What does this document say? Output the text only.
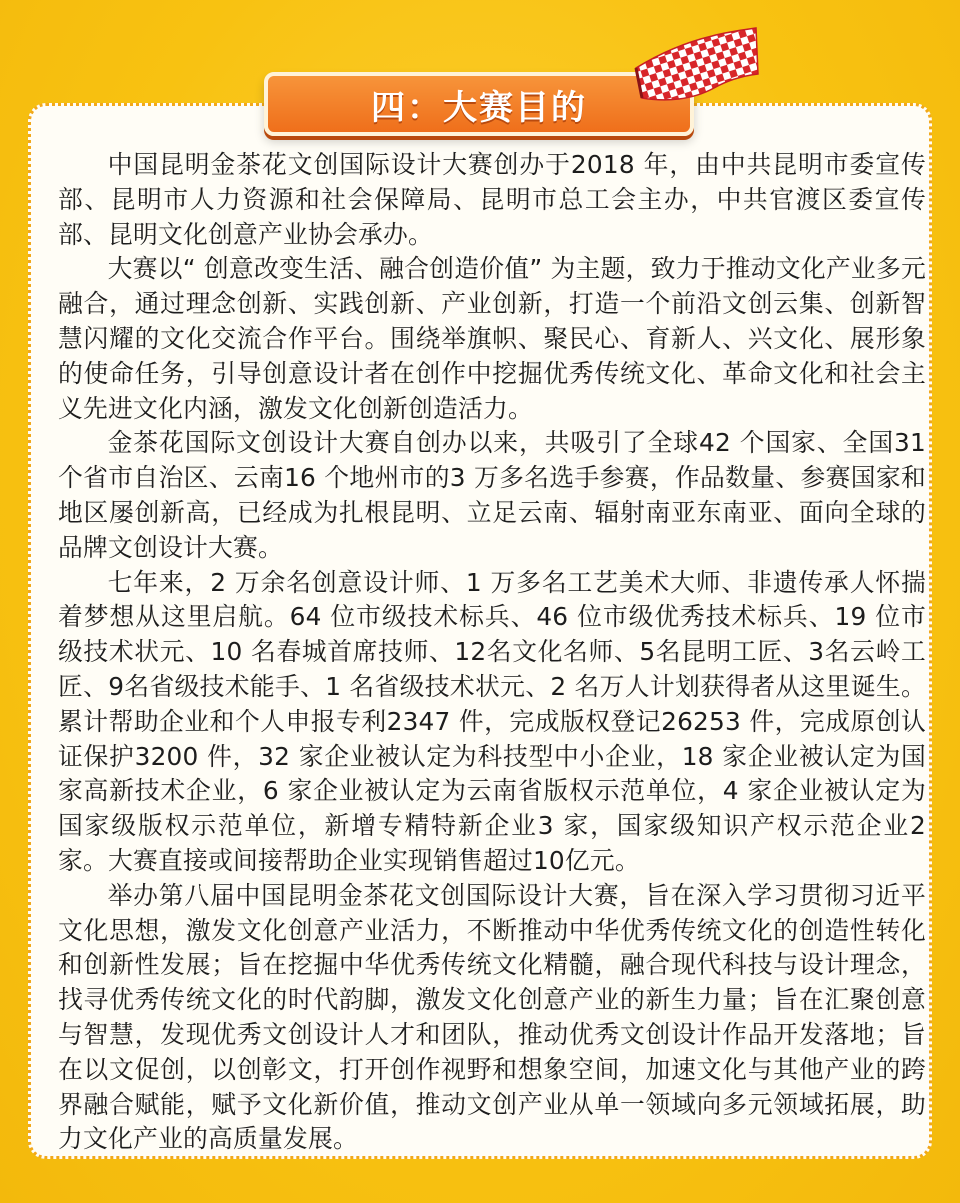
四：大赛目的

中国昆明金茶花文创国际设计大赛创办于2018 年，由中共昆明市委宣传部、昆明市人力资源和社会保障局、昆明市总工会主办，中共官渡区委宣传部、昆明文化创意产业协会承办。

大赛以“ 创意改变生活、融合创造价值” 为主题，致力于推动文化产业多元融合，通过理念创新、实践创新、产业创新，打造一个前沿文创云集、创新智慧闪耀的文化交流合作平台。围绕举旗帜、聚民心、育新人、兴文化、展形象的使命任务，引导创意设计者在创作中挖掘优秀传统文化、革命文化和社会主义先进文化内涵，激发文化创新创造活力。

金茶花国际文创设计大赛自创办以来，共吸引了全球42 个国家、全国31 个省市自治区、云南16 个地州市的3 万多名选手参赛，作品数量、参赛国家和地区屡创新高，已经成为扎根昆明、立足云南、辐射南亚东南亚、面向全球的品牌文创设计大赛。

七年来，2 万余名创意设计师、1 万多名工艺美术大师、非遗传承人怀揣着梦想从这里启航。64 位市级技术标兵、46 位市级优秀技术标兵、19 位市级技术状元、10 名春城首席技师、12名文化名师、5名昆明工匠、3名云岭工匠、9名省级技术能手、1 名省级技术状元、2 名万人计划获得者从这里诞生。累计帮助企业和个人申报专利2347 件，完成版权登记26253 件，完成原创认证保护3200 件，32 家企业被认定为科技型中小企业，18 家企业被认定为国家高新技术企业，6 家企业被认定为云南省版权示范单位，4 家企业被认定为国家级版权示范单位，新增专精特新企业3 家，国家级知识产权示范企业2 家。大赛直接或间接帮助企业实现销售超过10亿元。

举办第八届中国昆明金茶花文创国际设计大赛，旨在深入学习贯彻习近平文化思想，激发文化创意产业活力，不断推动中华优秀传统文化的创造性转化和创新性发展；旨在挖掘中华优秀传统文化精髓，融合现代科技与设计理念，找寻优秀传统文化的时代韵脚，激发文化创意产业的新生力量；旨在汇聚创意与智慧，发现优秀文创设计人才和团队，推动优秀文创设计作品开发落地；旨在以文促创，以创彰文，打开创作视野和想象空间，加速文化与其他产业的跨界融合赋能，赋予文化新价值，推动文创产业从单一领域向多元领域拓展，助力文化产业的高质量发展。
